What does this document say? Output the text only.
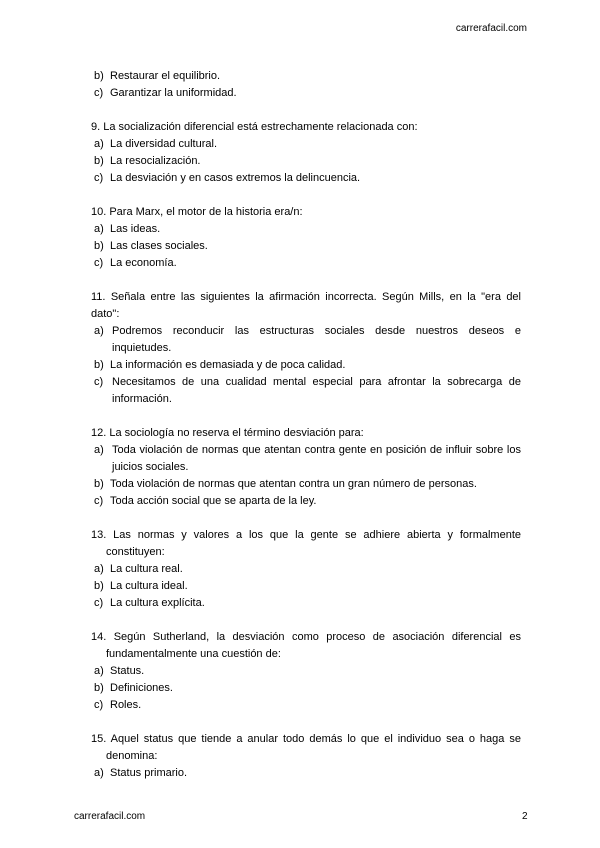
carrerafacil.com
b) Restaurar el equilibrio.
c) Garantizar la uniformidad.
9. La socialización diferencial está estrechamente relacionada con:
a) La diversidad cultural.
b) La resocialización.
c) La desviación y en casos extremos la delincuencia.
10. Para Marx, el motor de la historia era/n:
a) Las ideas.
b) Las clases sociales.
c) La economía.
11. Señala entre las siguientes la afirmación incorrecta. Según Mills, en la "era del dato":
a) Podremos reconducir las estructuras sociales desde nuestros deseos e inquietudes.
b) La información es demasiada y de poca calidad.
c) Necesitamos de una cualidad mental especial para afrontar la sobrecarga de información.
12. La sociología no reserva el término desviación para:
a) Toda violación de normas que atentan contra gente en posición de influir sobre los juicios sociales.
b) Toda violación de normas que atentan contra un gran número de personas.
c) Toda acción social que se aparta de la ley.
13. Las normas y valores a los que la gente se adhiere abierta y formalmente constituyen:
a) La cultura real.
b) La cultura ideal.
c) La cultura explícita.
14. Según Sutherland, la desviación como proceso de asociación diferencial es fundamentalmente una cuestión de:
a) Status.
b) Definiciones.
c) Roles.
15. Aquel status que tiende a anular todo demás lo que el individuo sea o haga se denomina:
a) Status primario.
carrerafacil.com	2
